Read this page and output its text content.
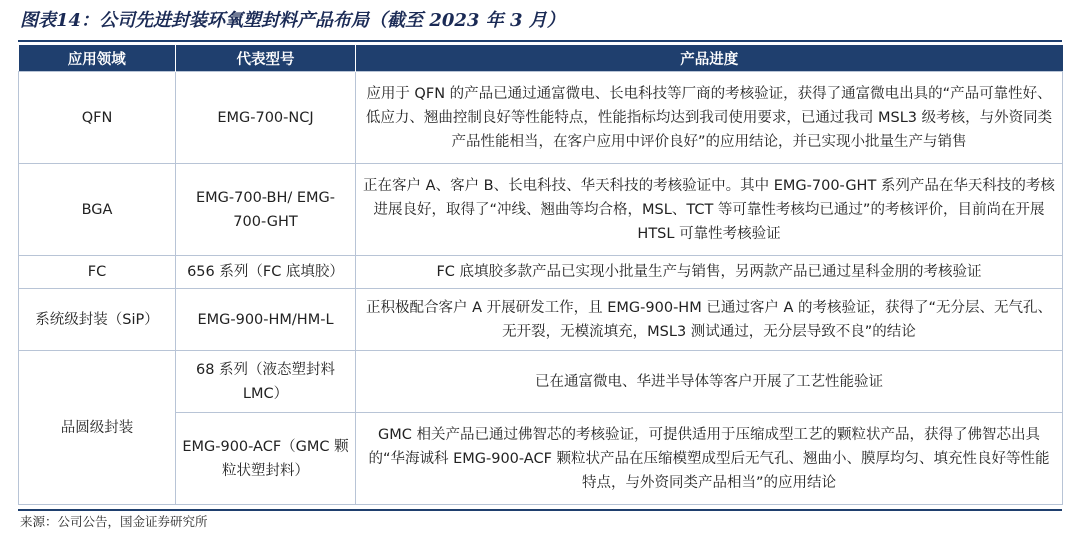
图表14：公司先进封装环氧塑封料产品布局（截至 2023 年 3 月）
应用领域	代表型号	产品进度
QFN	EMG-700-NCJ	应用于 QFN 的产品已通过通富微电、长电科技等厂商的考核验证，获得了通富微电出具的“产品可靠性好、低应力、翘曲控制良好等性能特点，性能指标均达到我司使用要求，已通过我司 MSL3 级考核，与外资同类产品性能相当，在客户应用中评价良好”的应用结论，并已实现小批量生产与销售
BGA	EMG-700-BH/ EMG-700-GHT	正在客户 A、客户 B、长电科技、华天科技的考核验证中。其中 EMG-700-GHT 系列产品在华天科技的考核进展良好，取得了“冲线、翘曲等均合格，MSL、TCT 等可靠性考核均已通过”的考核评价，目前尚在开展 HTSL 可靠性考核验证
FC	656 系列（FC 底填胶）	FC 底填胶多款产品已实现小批量生产与销售，另两款产品已通过星科金朋的考核验证
系统级封装（SiP）	EMG-900-HM/HM-L	正积极配合客户 A 开展研发工作，且 EMG-900-HM 已通过客户 A 的考核验证，获得了“无分层、无气孔、无开裂，无模流填充，MSL3 测试通过，无分层导致不良”的结论
品圆级封装	68 系列（液态塑封料 LMC）	已在通富微电、华进半导体等客户开展了工艺性能验证
	EMG-900-ACF（GMC 颗粒状塑封料）	GMC 相关产品已通过佛智芯的考核验证，可提供适用于压缩成型工艺的颗粒状产品，获得了佛智芯出具的“华海诚科 EMG-900-ACF 颗粒状产品在压缩模塑成型后无气孔、翘曲小、膜厚均匀、填充性良好等性能特点，与外资同类产品相当”的应用结论
来源：公司公告，国金证券研究所
